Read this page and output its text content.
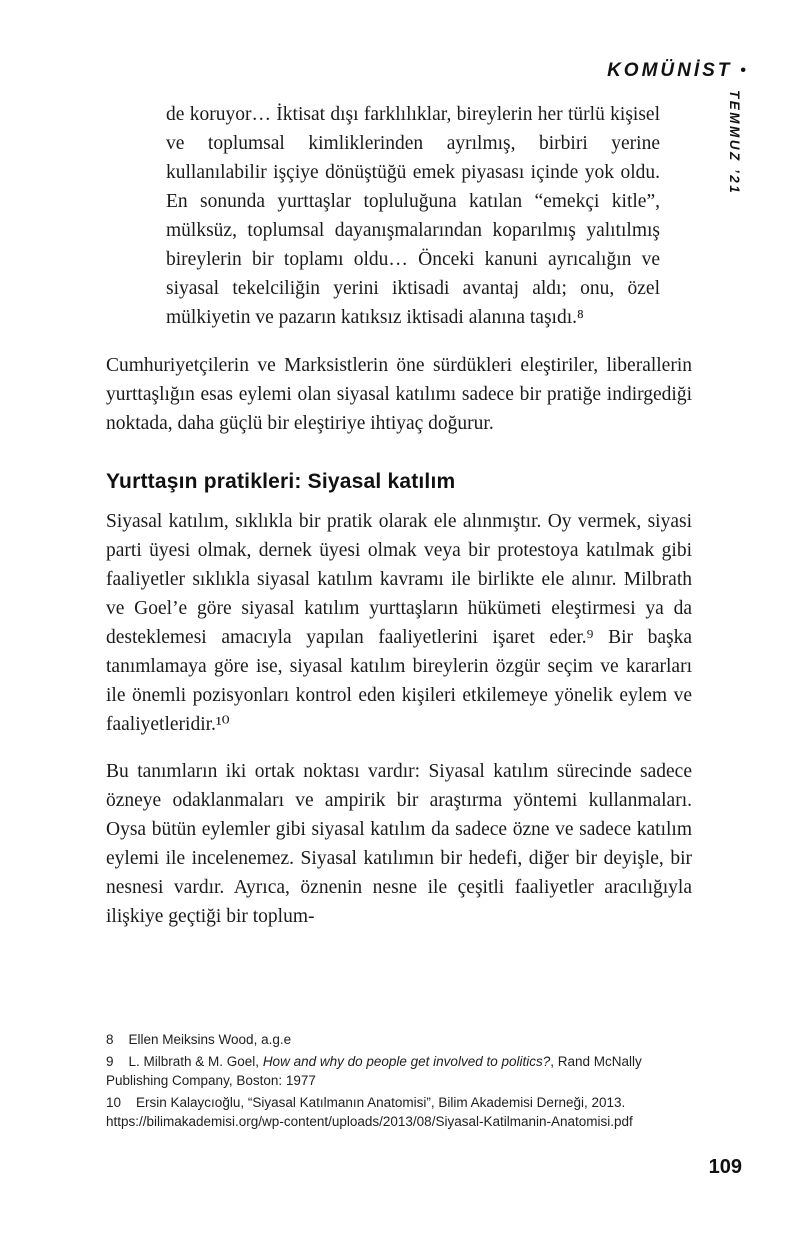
KOMÜNİST •
TEMMUZ ’21
de koruyor… İktisat dışı farklılıklar, bireylerin her türlü kişisel ve toplumsal kimliklerinden ayrılmış, birbiri yerine kullanılabilir işçiye dönüştüğü emek piyasası içinde yok oldu. En sonunda yurttaşlar topluluğuna katılan “emekçi kitle”, mülksüz, toplumsal dayanışmalarından koparılmış yalıtılmış bireylerin bir toplamı oldu… Önceki kanuni ayrıcalığın ve siyasal tekelciliğin yerini iktisadi avantaj aldı; onu, özel mülkiyetin ve pazarın katıksız iktisadi alanına taşıdı.⁸

Cumhuriyetçilerin ve Marksistlerin öne sürdükleri eleştiriler, liberallerin yurttaşlığın esas eylemi olan siyasal katılımı sadece bir pratiğe indirgediği noktada, daha güçlü bir eleştiriye ihtiyaç doğurur.

Yurttaşın pratikleri: Siyasal katılım

Siyasal katılım, sıklıkla bir pratik olarak ele alınmıştır. Oy vermek, siyasi parti üyesi olmak, dernek üyesi olmak veya bir protestoya katılmak gibi faaliyetler sıklıkla siyasal katılım kavramı ile birlikte ele alınır. Milbrath ve Goel’e göre siyasal katılım yurttaşların hükümeti eleştirmesi ya da desteklemesi amacıyla yapılan faaliyetlerini işaret eder.⁹ Bir başka tanımlamaya göre ise, siyasal katılım bireylerin özgür seçim ve kararları ile önemli pozisyonları kontrol eden kişileri etkilemeye yönelik eylem ve faaliyetleridir.¹⁰

Bu tanımların iki ortak noktası vardır: Siyasal katılım sürecinde sadece özneye odaklanmaları ve ampirik bir araştırma yöntemi kullanmaları. Oysa bütün eylemler gibi siyasal katılım da sadece özne ve sadece katılım eylemi ile incelenemez. Siyasal katılımın bir hedefi, diğer bir deyişle, bir nesnesi vardır. Ayrıca, öznenin nesne ile çeşitli faaliyetler aracılığıyla ilişkiye geçtiği bir toplum-

8 Ellen Meiksins Wood, a.g.e
9 L. Milbrath & M. Goel, How and why do people get involved to politics?, Rand McNally Publishing Company, Boston: 1977
10 Ersin Kalaycıoğlu, “Siyasal Katılmanın Anatomisi”, Bilim Akademisi Derneği, 2013. https://bilimakademisi.org/wp-content/uploads/2013/08/Siyasal-Katilmanin-Anatomisi.pdf
109
